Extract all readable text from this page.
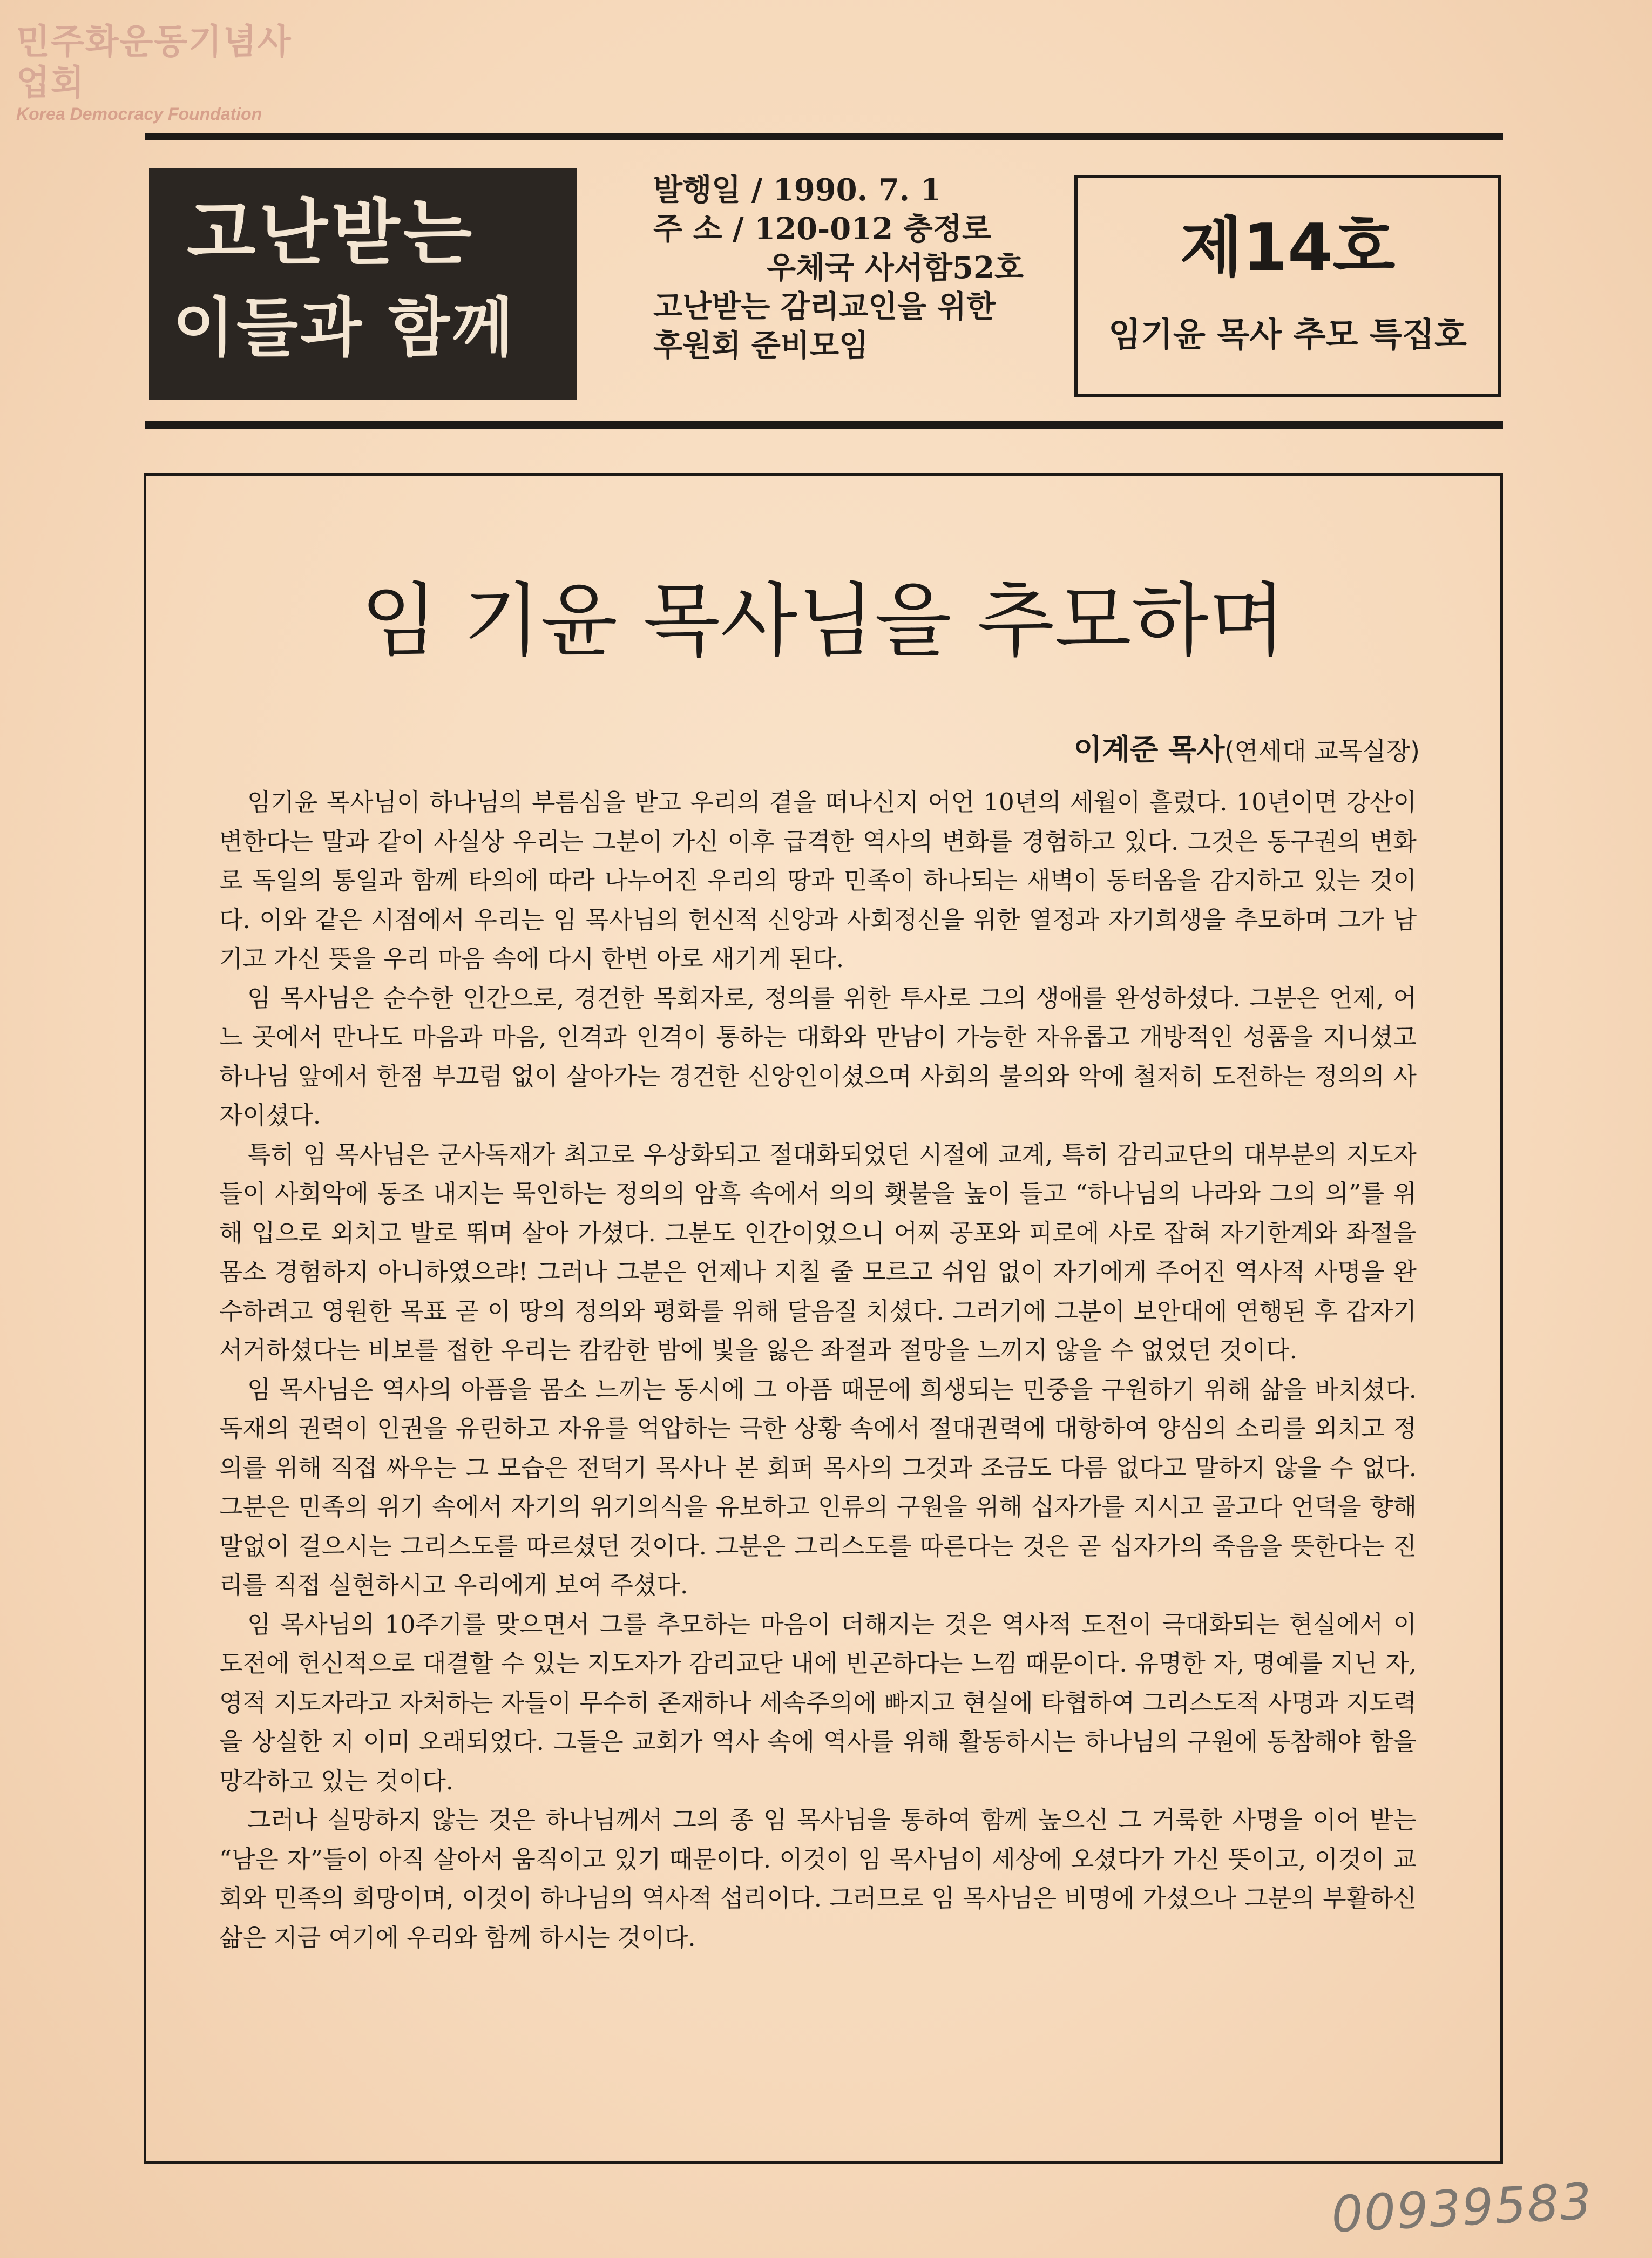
민주화운동기념사업회
Korea Democracy Foundation
고난받는
이들과 함께
발행일 / 1990. 7. 1
주 소 / 120-012 충정로
우체국 사서함52호
고난받는 감리교인을 위한
후원회 준비모임
제14호
임기윤 목사 추모 특집호
임 기윤 목사님을 추모하며
이계준 목사(연세대 교목실장)

임기윤 목사님이 하나님의 부름심을 받고 우리의 곁을 떠나신지 어언 10년의 세월이 흘렀다. 10년이면 강산이 변한다는 말과 같이 사실상 우리는 그분이 가신 이후 급격한 역사의 변화를 경험하고 있다. 그것은 동구권의 변화로 독일의 통일과 함께 타의에 따라 나누어진 우리의 땅과 민족이 하나되는 새벽이 동터옴을 감지하고 있는 것이다. 이와 같은 시점에서 우리는 임 목사님의 헌신적 신앙과 사회정신을 위한 열정과 자기희생을 추모하며 그가 남기고 가신 뜻을 우리 마음 속에 다시 한번 아로 새기게 된다.

임 목사님은 순수한 인간으로, 경건한 목회자로, 정의를 위한 투사로 그의 생애를 완성하셨다. 그분은 언제, 어느 곳에서 만나도 마음과 마음, 인격과 인격이 통하는 대화와 만남이 가능한 자유롭고 개방적인 성품을 지니셨고 하나님 앞에서 한점 부끄럼 없이 살아가는 경건한 신앙인이셨으며 사회의 불의와 악에 철저히 도전하는 정의의 사자이셨다.

특히 임 목사님은 군사독재가 최고로 우상화되고 절대화되었던 시절에 교계, 특히 감리교단의 대부분의 지도자들이 사회악에 동조 내지는 묵인하는 정의의 암흑 속에서 의의 횃불을 높이 들고 “하나님의 나라와 그의 의”를 위해 입으로 외치고 발로 뛰며 살아 가셨다. 그분도 인간이었으니 어찌 공포와 피로에 사로 잡혀 자기한계와 좌절을 몸소 경험하지 아니하였으랴! 그러나 그분은 언제나 지칠 줄 모르고 쉬임 없이 자기에게 주어진 역사적 사명을 완수하려고 영원한 목표 곧 이 땅의 정의와 평화를 위해 달음질 치셨다. 그러기에 그분이 보안대에 연행된 후 갑자기 서거하셨다는 비보를 접한 우리는 캄캄한 밤에 빛을 잃은 좌절과 절망을 느끼지 않을 수 없었던 것이다.

임 목사님은 역사의 아픔을 몸소 느끼는 동시에 그 아픔 때문에 희생되는 민중을 구원하기 위해 삶을 바치셨다. 독재의 권력이 인권을 유린하고 자유를 억압하는 극한 상황 속에서 절대권력에 대항하여 양심의 소리를 외치고 정의를 위해 직접 싸우는 그 모습은 전덕기 목사나 본 회퍼 목사의 그것과 조금도 다름 없다고 말하지 않을 수 없다. 그분은 민족의 위기 속에서 자기의 위기의식을 유보하고 인류의 구원을 위해 십자가를 지시고 골고다 언덕을 향해 말없이 걸으시는 그리스도를 따르셨던 것이다. 그분은 그리스도를 따른다는 것은 곧 십자가의 죽음을 뜻한다는 진리를 직접 실현하시고 우리에게 보여 주셨다.

임 목사님의 10주기를 맞으면서 그를 추모하는 마음이 더해지는 것은 역사적 도전이 극대화되는 현실에서 이 도전에 헌신적으로 대결할 수 있는 지도자가 감리교단 내에 빈곤하다는 느낌 때문이다. 유명한 자, 명예를 지닌 자, 영적 지도자라고 자처하는 자들이 무수히 존재하나 세속주의에 빠지고 현실에 타협하여 그리스도적 사명과 지도력을 상실한 지 이미 오래되었다. 그들은 교회가 역사 속에 역사를 위해 활동하시는 하나님의 구원에 동참해야 함을 망각하고 있는 것이다.

그러나 실망하지 않는 것은 하나님께서 그의 종 임 목사님을 통하여 함께 높으신 그 거룩한 사명을 이어 받는 “남은 자”들이 아직 살아서 움직이고 있기 때문이다. 이것이 임 목사님이 세상에 오셨다가 가신 뜻이고, 이것이 교회와 민족의 희망이며, 이것이 하나님의 역사적 섭리이다. 그러므로 임 목사님은 비명에 가셨으나 그분의 부활하신 삶은 지금 여기에 우리와 함께 하시는 것이다.

00939583
